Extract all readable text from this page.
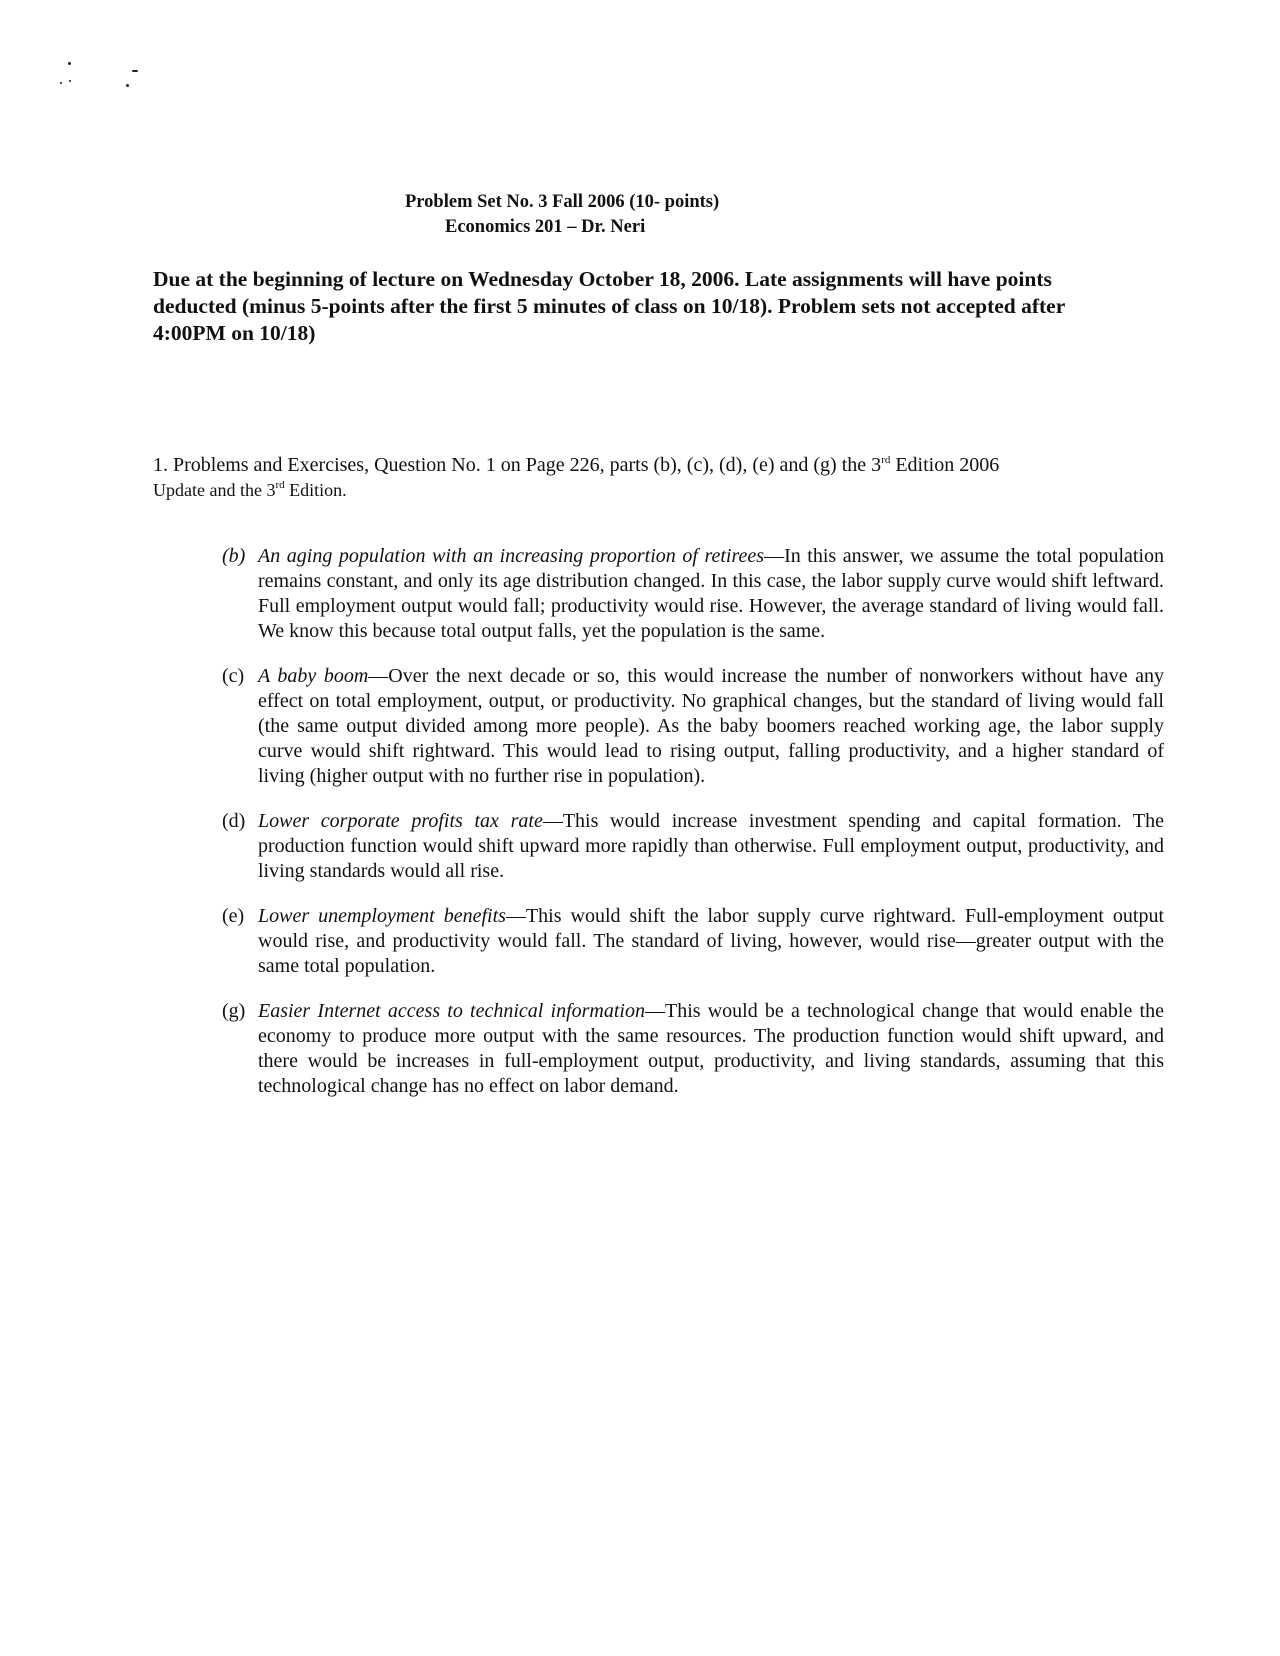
Problem Set No. 3 Fall 2006 (10- points)
Economics 201 – Dr. Neri
Due at the beginning of lecture on Wednesday October 18, 2006. Late assignments will have points deducted (minus 5-points after the first 5 minutes of class on 10/18). Problem sets not accepted after 4:00PM on 10/18)
1. Problems and Exercises, Question No. 1 on Page 226, parts (b), (c), (d), (e) and (g) the 3rd Edition 2006
Update and the 3rd Edition.
(b) An aging population with an increasing proportion of retirees—In this answer, we assume the total population remains constant, and only its age distribution changed. In this case, the labor supply curve would shift leftward. Full employment output would fall; productivity would rise. However, the average standard of living would fall. We know this because total output falls, yet the population is the same.
(c) A baby boom—Over the next decade or so, this would increase the number of nonworkers without have any effect on total employment, output, or productivity. No graphical changes, but the standard of living would fall (the same output divided among more people). As the baby boomers reached working age, the labor supply curve would shift rightward. This would lead to rising output, falling productivity, and a higher standard of living (higher output with no further rise in population).
(d) Lower corporate profits tax rate—This would increase investment spending and capital formation. The production function would shift upward more rapidly than otherwise. Full employment output, productivity, and living standards would all rise.
(e) Lower unemployment benefits—This would shift the labor supply curve rightward. Full-employment output would rise, and productivity would fall. The standard of living, however, would rise—greater output with the same total population.
(g) Easier Internet access to technical information—This would be a technological change that would enable the economy to produce more output with the same resources. The production function would shift upward, and there would be increases in full-employment output, productivity, and living standards, assuming that this technological change has no effect on labor demand.
